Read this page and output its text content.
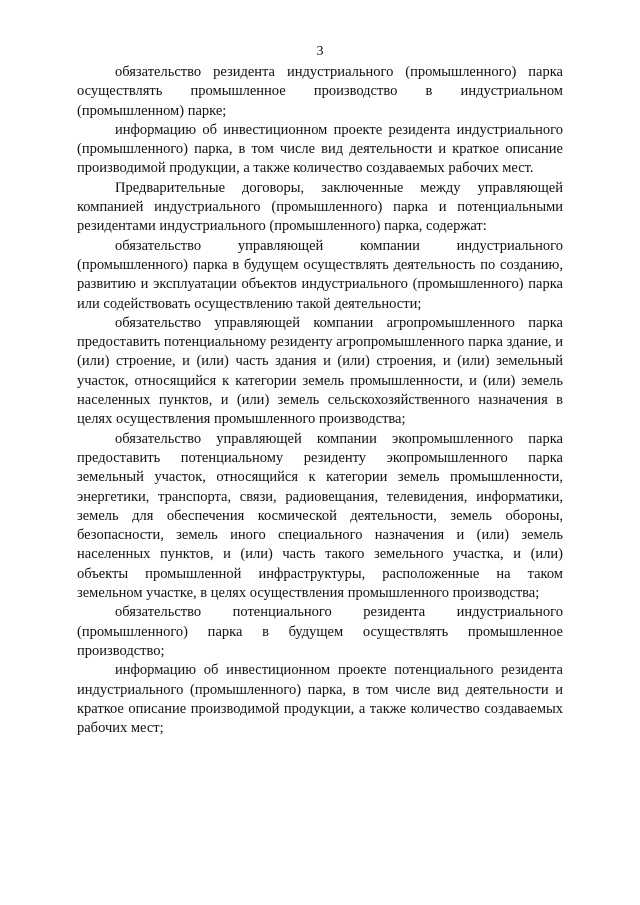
3

обязательство резидента индустриального (промышленного) парка осуществлять промышленное производство в индустриальном (промышленном) парке;

информацию об инвестиционном проекте резидента индустриального (промышленного) парка, в том числе вид деятельности и краткое описание производимой продукции, а также количество создаваемых рабочих мест.

Предварительные договоры, заключенные между управляющей компанией индустриального (промышленного) парка и потенциальными резидентами индустриального (промышленного) парка, содержат:

обязательство управляющей компании индустриального (промышленного) парка в будущем осуществлять деятельность по созданию, развитию и эксплуатации объектов индустриального (промышленного) парка или содействовать осуществлению такой деятельности;

обязательство управляющей компании агропромышленного парка предоставить потенциальному резиденту агропромышленного парка здание, и (или) строение, и (или) часть здания и (или) строения, и (или) земельный участок, относящийся к категории земель промышленности, и (или) земель населенных пунктов, и (или) земель сельскохозяйственного назначения в целях осуществления промышленного производства;

обязательство управляющей компании экопромышленного парка предоставить потенциальному резиденту экопромышленного парка земельный участок, относящийся к категории земель промышленности, энергетики, транспорта, связи, радиовещания, телевидения, информатики, земель для обеспечения космической деятельности, земель обороны, безопасности, земель иного специального назначения и (или) земель населенных пунктов, и (или) часть такого земельного участка, и (или) объекты промышленной инфраструктуры, расположенные на таком земельном участке, в целях осуществления промышленного производства;

обязательство потенциального резидента индустриального (промышленного) парка в будущем осуществлять промышленное производство;

информацию об инвестиционном проекте потенциального резидента индустриального (промышленного) парка, в том числе вид деятельности и краткое описание производимой продукции, а также количество создаваемых рабочих мест;
